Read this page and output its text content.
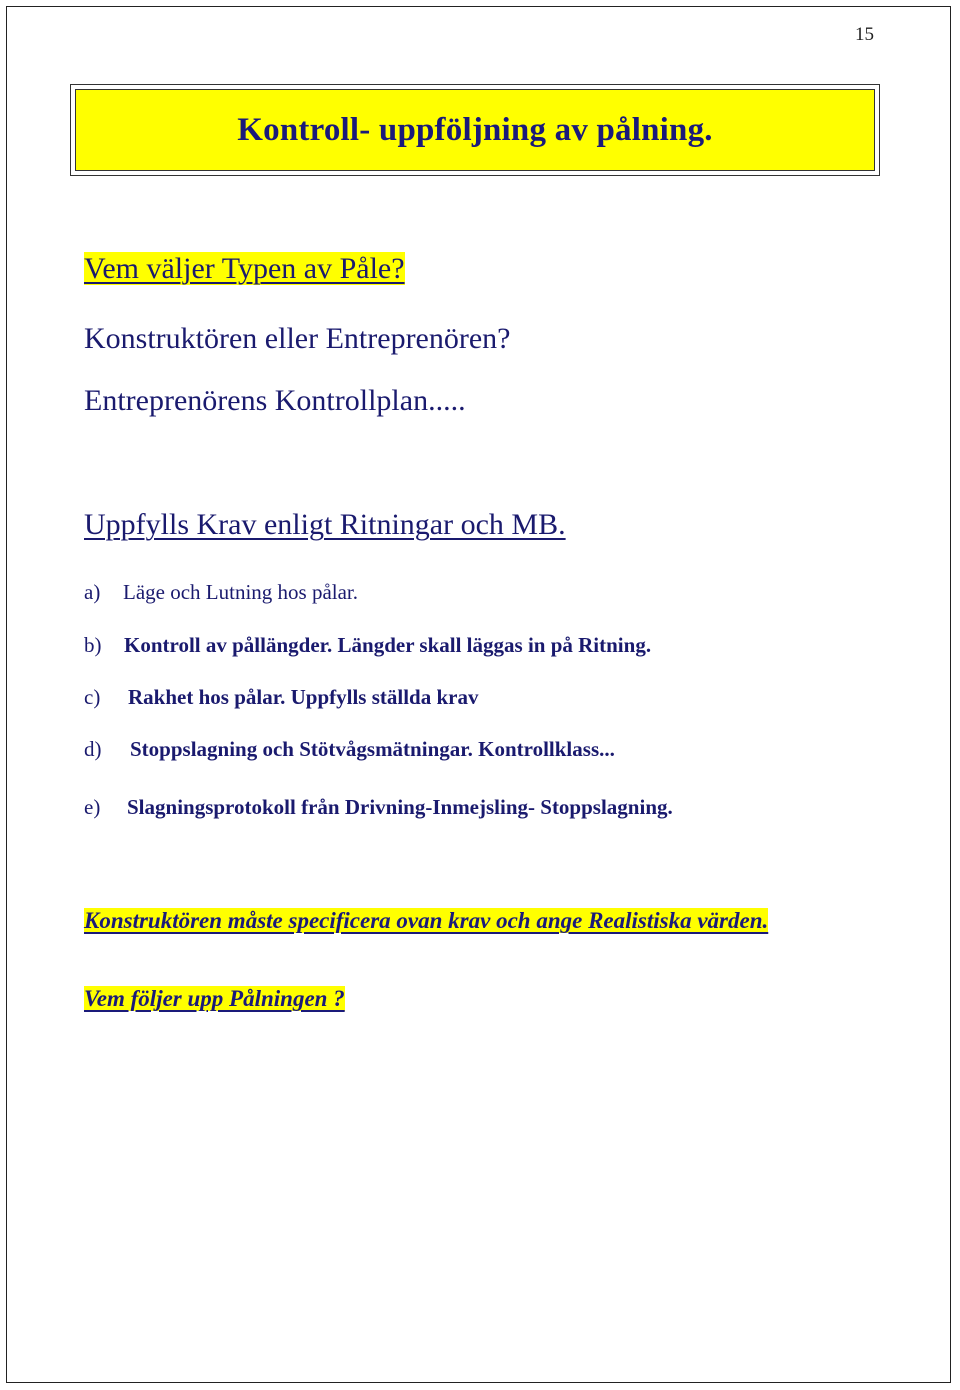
15
Kontroll- uppföljning av pålning.
Vem väljer Typen av Påle?
Konstruktören eller Entreprenören?
Entreprenörens Kontrollplan.....
Uppfylls Krav enligt Ritningar och MB.
a) Läge och Lutning hos pålar.
b) Kontroll av pållängder. Längder skall läggas in på Ritning.
c) Rakhet hos pålar. Uppfylls ställda krav
d) Stoppslagning och Stötvågsmätningar. Kontrollklass...
e) Slagningsprotokoll från Drivning-Inmejsling- Stoppslagning.
Konstruktören måste specificera ovan krav och ange Realistiska värden.
Vem följer upp Pålningen ?
